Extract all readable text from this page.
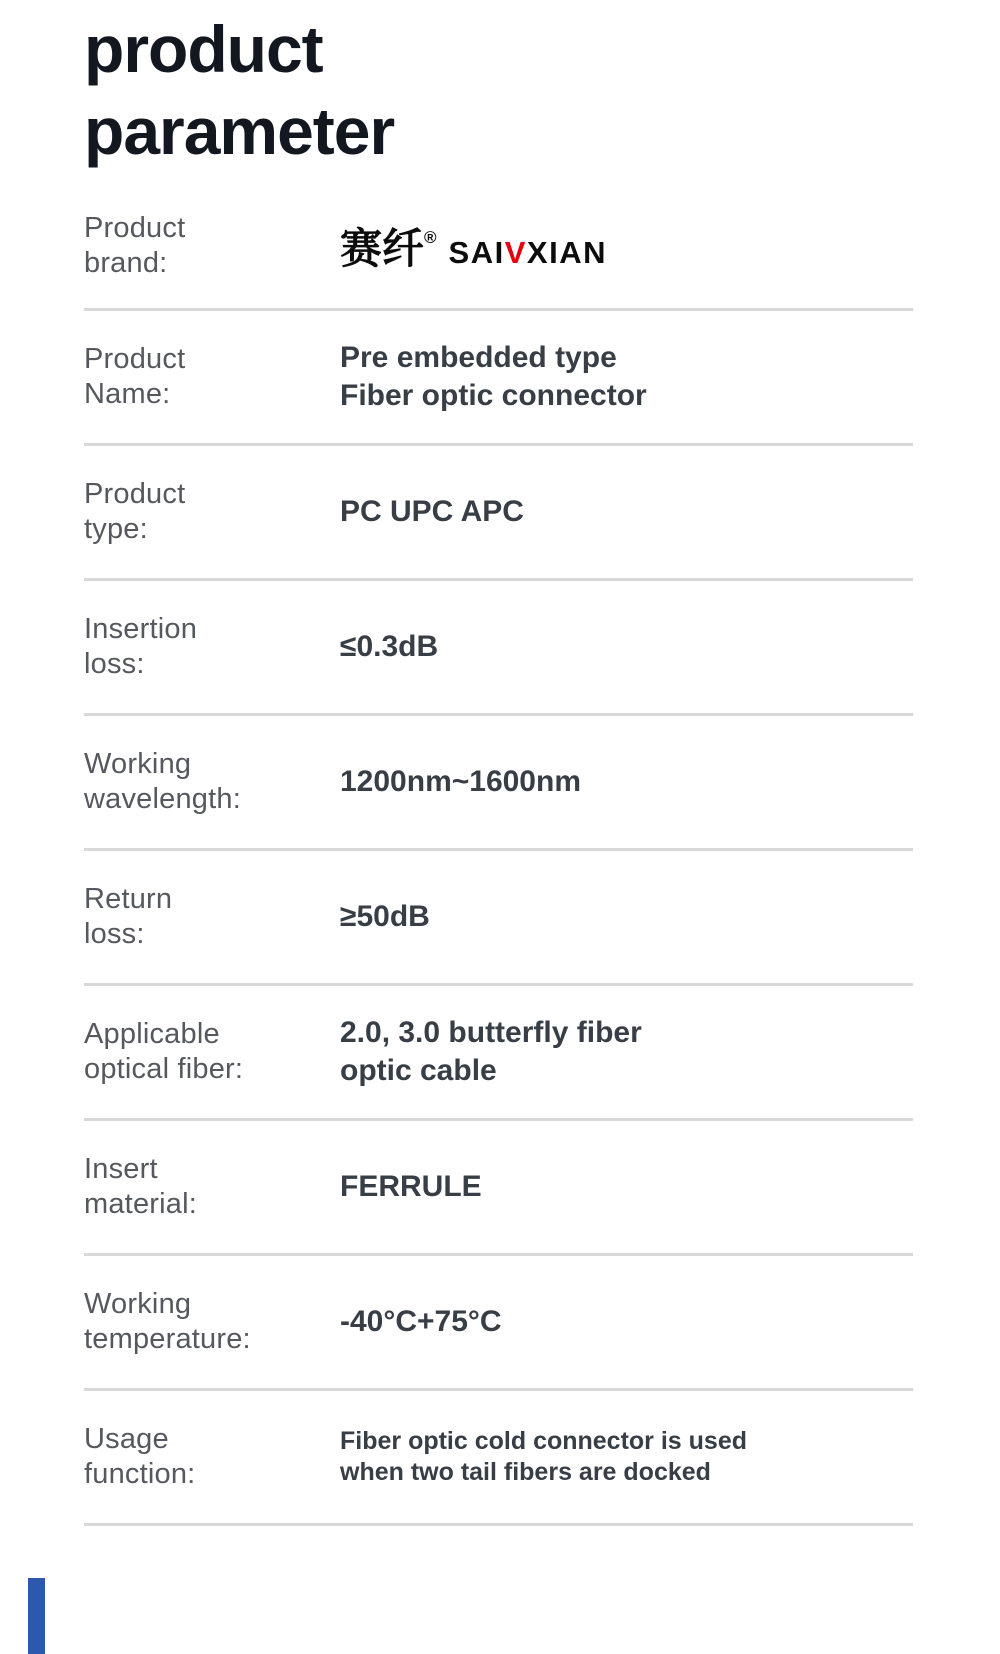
product
parameter
Product
brand:	赛纤® SAIVXIAN
Product
Name:
Pre embedded type
Fiber optic connector
Product
type:
PC UPC APC
Insertion
loss:
≤0.3dB
Working
wavelength:
1200nm~1600nm
Return
loss:
≥50dB
Applicable
optical fiber:
2.0, 3.0 butterfly fiber
optic cable
Insert
material:
FERRULE
Working
temperature:
-40°C+75°C
Usage
function:
Fiber optic cold connector is used
when two tail fibers are docked
